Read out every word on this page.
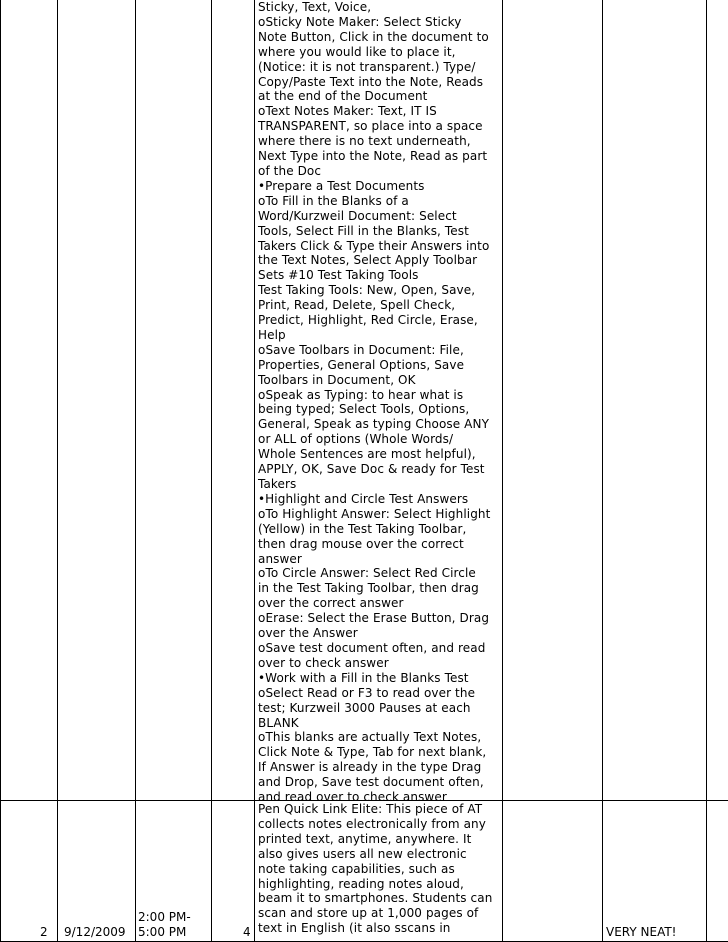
Sticky, Text, Voice,
oSticky Note Maker: Select Sticky
Note Button, Click in the document to
where you would like to place it,
(Notice: it is not transparent.) Type/
Copy/Paste Text into the Note, Reads
at the end of the Document
oText Notes Maker: Text, IT IS
TRANSPARENT, so place into a space
where there is no text underneath,
Next Type into the Note, Read as part
of the Doc
•Prepare a Test Documents
oTo Fill in the Blanks of a
Word/Kurzweil Document: Select
Tools, Select Fill in the Blanks, Test
Takers Click & Type their Answers into
the Text Notes, Select Apply Toolbar
Sets #10 Test Taking Tools
Test Taking Tools: New, Open, Save,
Print, Read, Delete, Spell Check,
Predict, Highlight, Red Circle, Erase,
Help
oSave Toolbars in Document: File,
Properties, General Options, Save
Toolbars in Document, OK
oSpeak as Typing: to hear what is
being typed; Select Tools, Options,
General, Speak as typing Choose ANY
or ALL of options (Whole Words/
Whole Sentences are most helpful),
APPLY, OK, Save Doc & ready for Test
Takers
•Highlight and Circle Test Answers
oTo Highlight Answer: Select Highlight
(Yellow) in the Test Taking Toolbar,
then drag mouse over the correct
answer
oTo Circle Answer: Select Red Circle
in the Test Taking Toolbar, then drag
over the correct answer
oErase: Select the Erase Button, Drag
over the Answer
oSave test document often, and read
over to check answer
•Work with a Fill in the Blanks Test
oSelect Read or F3 to read over the
test; Kurzweil 3000 Pauses at each
BLANK
oThis blanks are actually Text Notes,
Click Note & Type, Tab for next blank,
If Answer is already in the type Drag
and Drop, Save test document often,
and read over to check answer
2 9/12/2009
2:00 PM-
5:00 PM	4
Pen Quick Link Elite: This piece of AT
collects notes electronically from any
printed text, anytime, anywhere. It
also gives users all new electronic
note taking capabilities, such as
highlighting, reading notes aloud,
beam it to smartphones. Students can
scan and store up at 1,000 pages of
text in English (it also sscans in	VERY NEAT!
